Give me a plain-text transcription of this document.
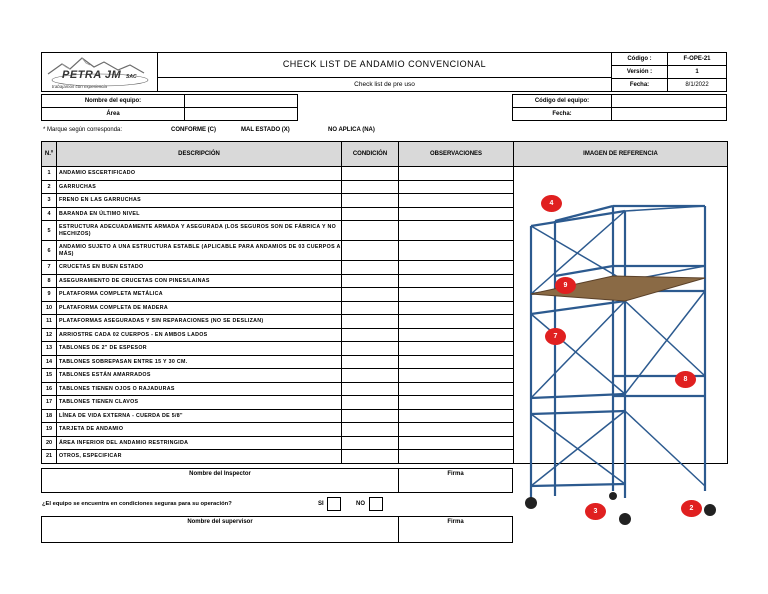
PETRA JM SAC
trabajamos con experiencia
CHECK LIST DE ANDAMIO CONVENCIONAL
Check list de pre uso
Código :	F-OPE-21
Versión :	1
Fecha:	8/1/2022
Nombre del equipo:
Área
Código del equipo:
Fecha:
* Marque según corresponda:	CONFORME (C)	MAL ESTADO (X)	NO APLICA (NA)
N.º	DESCRIPCIÓN	CONDICIÓN	OBSERVACIONES	IMAGEN DE REFERENCIA
1	ANDAMIO ESCERTIFICADO			
2	GARRUCHAS			
3	FRENO EN LAS GARRUCHAS			
4	BARANDA EN ÚLTIMO NIVEL			
5	ESTRUCTURA ADECUADAMENTE ARMADA Y ASEGURADA (LOS SEGUROS SON DE FÁBRICA Y NO HECHIZOS)			
6	ANDAMIO SUJETO A UNA ESTRUCTURA ESTABLE (APLICABLE PARA ANDAMIOS DE 03 CUERPOS A MÁS)			
7	CRUCETAS EN BUEN ESTADO			
8	ASEGURAMIENTO DE CRUCETAS CON PINES/LAINAS			
9	PLATAFORMA COMPLETA METÁLICA			
10	PLATAFORMA COMPLETA DE MADERA			
11	PLATAFORMAS ASEGURADAS Y SIN REPARACIONES (NO SE DESLIZAN)			
12	ARRIOSTRE CADA 02 CUERPOS - EN AMBOS LADOS			
13	TABLONES DE 2" DE ESPESOR			
14	TABLONES SOBREPASAN ENTRE 15 Y 30 CM.			
15	TABLONES ESTÁN AMARRADOS			
16	TABLONES TIENEN OJOS O RAJADURAS			
17	TABLONES TIENEN CLAVOS			
18	LÍNEA DE VIDA EXTERNA - CUERDA DE 5/8"			
19	TARJETA DE ANDAMIO			
20	ÁREA INFERIOR DEL ANDAMIO RESTRINGIDA			
21	OTROS, ESPECIFICAR			
Nombre del Inspector	Firma
¿El equipo se encuentra en condiciones seguras para su operación?	SI	NO
Nombre del supervisor	Firma
4
9
7
8
3	2
